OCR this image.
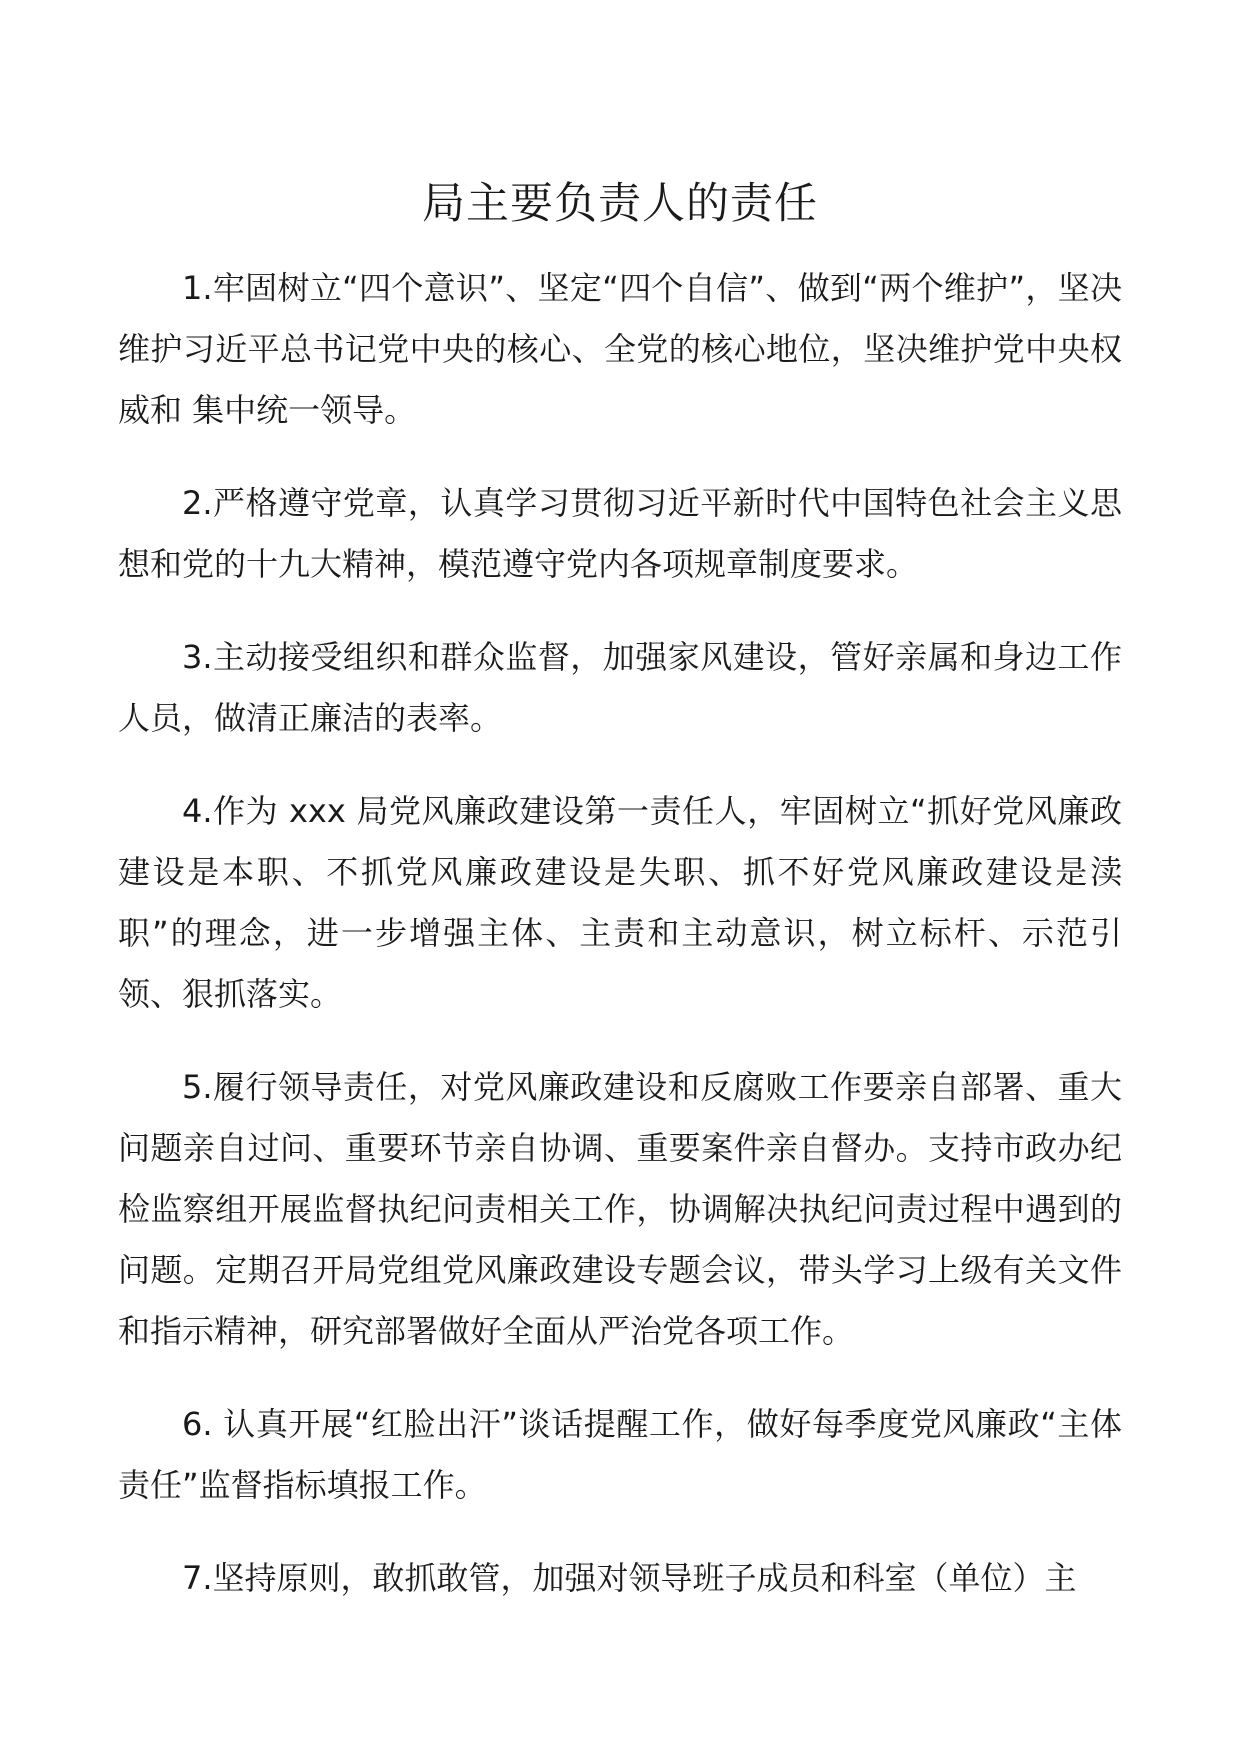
局主要负责人的责任

1.牢固树立“四个意识”、坚定“四个自信”、做到“两个维护”，坚决维护习近平总书记党中央的核心、全党的核心地位，坚决维护党中央权威和 集中统一领导。

2.严格遵守党章，认真学习贯彻习近平新时代中国特色社会主义思想和党的十九大精神，模范遵守党内各项规章制度要求。

3.主动接受组织和群众监督，加强家风建设，管好亲属和身边工作人员，做清正廉洁的表率。

4.作为 xxx 局党风廉政建设第一责任人，牢固树立“抓好党风廉政建设是本职、不抓党风廉政建设是失职、抓不好党风廉政建设是渎职”的理念，进一步增强主体、主责和主动意识，树立标杆、示范引领、狠抓落实。

5.履行领导责任，对党风廉政建设和反腐败工作要亲自部署、重大问题亲自过问、重要环节亲自协调、重要案件亲自督办。支持市政办纪检监察组开展监督执纪问责相关工作，协调解决执纪问责过程中遇到的问题。定期召开局党组党风廉政建设专题会议，带头学习上级有关文件和指示精神，研究部署做好全面从严治党各项工作。

6. 认真开展“红脸出汗”谈话提醒工作，做好每季度党风廉政“主体责任”监督指标填报工作。

7.坚持原则，敢抓敢管，加强对领导班子成员和科室（单位）主
